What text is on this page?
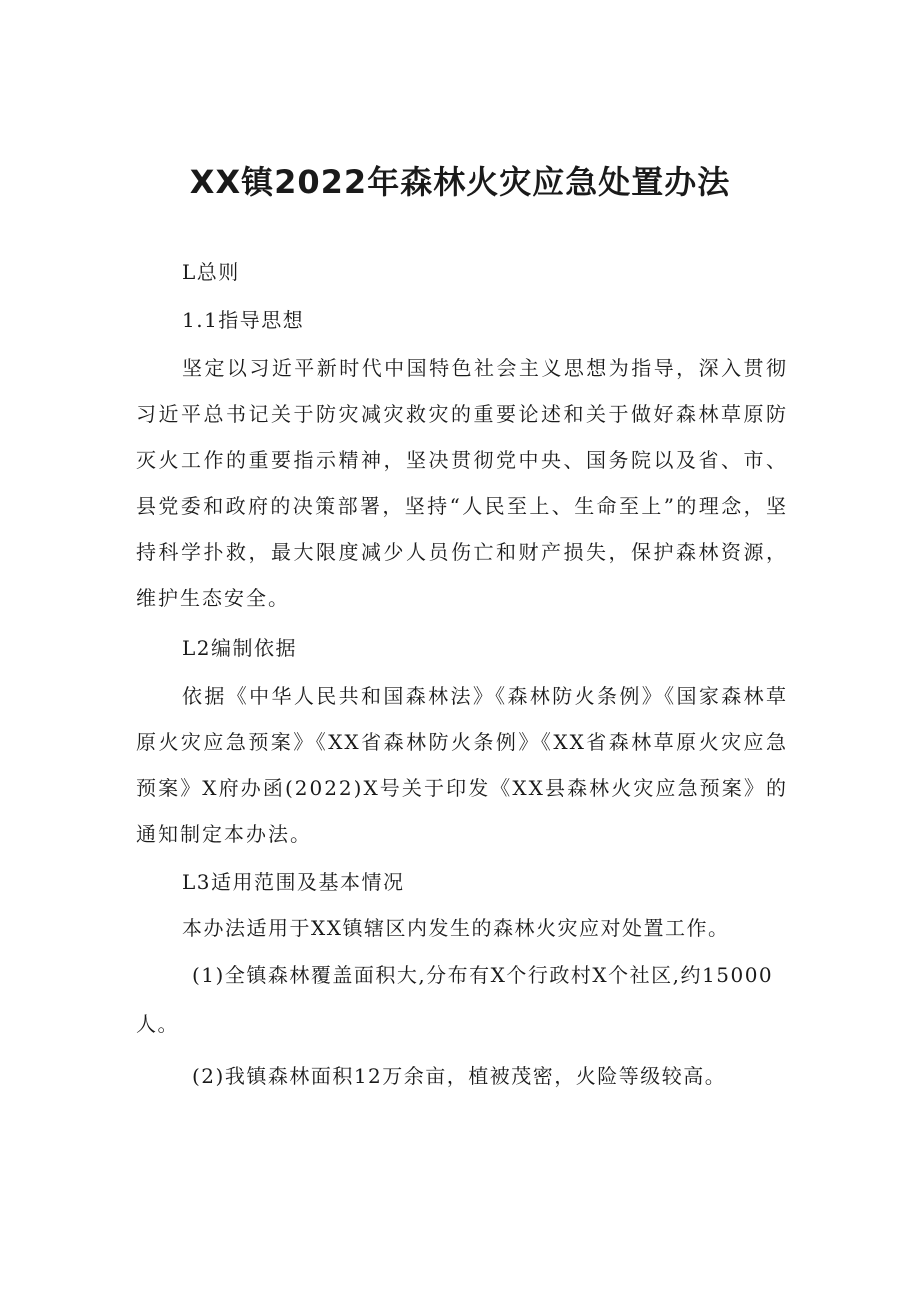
XX镇2022年森林火灾应急处置办法
L总则
1.1指导思想

坚定以习近平新时代中国特色社会主义思想为指导，深入贯彻习近平总书记关于防灾减灾救灾的重要论述和关于做好森林草原防灭火工作的重要指示精神，坚决贯彻党中央、国务院以及省、市、县党委和政府的决策部署，坚持“人民至上、生命至上”的理念，坚持科学扑救，最大限度减少人员伤亡和财产损失，保护森林资源，维护生态安全。

L2编制依据

依据《中华人民共和国森林法》《森林防火条例》《国家森林草原火灾应急预案》《XX省森林防火条例》《XX省森林草原火灾应急预案》X府办函(2022)X号关于印发《XX县森林火灾应急预案》的通知制定本办法。

L3适用范围及基本情况
本办法适用于XX镇辖区内发生的森林火灾应对处置工作。
(1)全镇森林覆盖面积大,分布有X个行政村X个社区,约15000
人。
(2)我镇森林面积12万余亩，植被茂密，火险等级较高。
